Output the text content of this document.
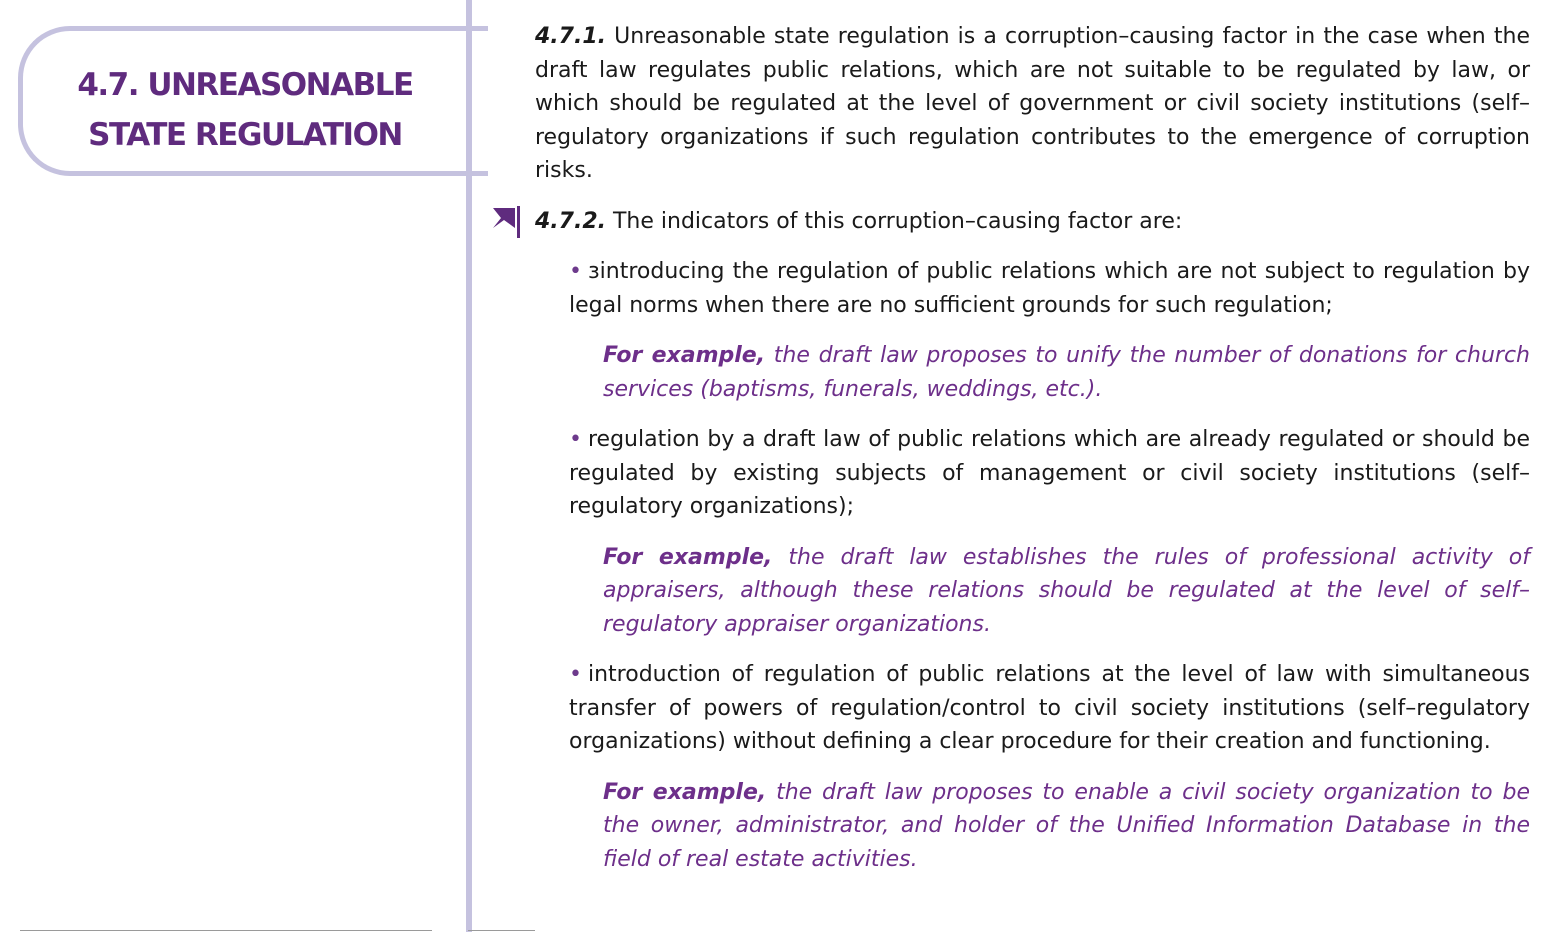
4.7. UNREASONABLE
STATE REGULATION

4.7.1. Unreasonable state regulation is a corruption–causing factor in the case when the draft law regulates public relations, which are not suitable to be regulated by law, or which should be regulated at the level of government or civil society institutions (self–regulatory organizations if such regulation contributes to the emergence of corruption risks.

4.7.2. The indicators of this corruption–causing factor are:

• зintroducing the regulation of public relations which are not subject to regulation by legal norms when there are no sufficient grounds for such regulation;

For example, the draft law proposes to unify the number of donations for church services (baptisms, funerals, weddings, etc.).

• regulation by a draft law of public relations which are already regulated or should be regulated by existing subjects of management or civil society institutions (self–regulatory organizations);

For example, the draft law establishes the rules of professional activity of appraisers, although these relations should be regulated at the level of self–regulatory appraiser organizations.

• introduction of regulation of public relations at the level of law with simultaneous transfer of powers of regulation/control to civil society institutions (self–regulatory organizations) without defining a clear procedure for their creation and functioning.

For example, the draft law proposes to enable a civil society organization to be the owner, administrator, and holder of the Unified Information Database in the field of real estate activities.
